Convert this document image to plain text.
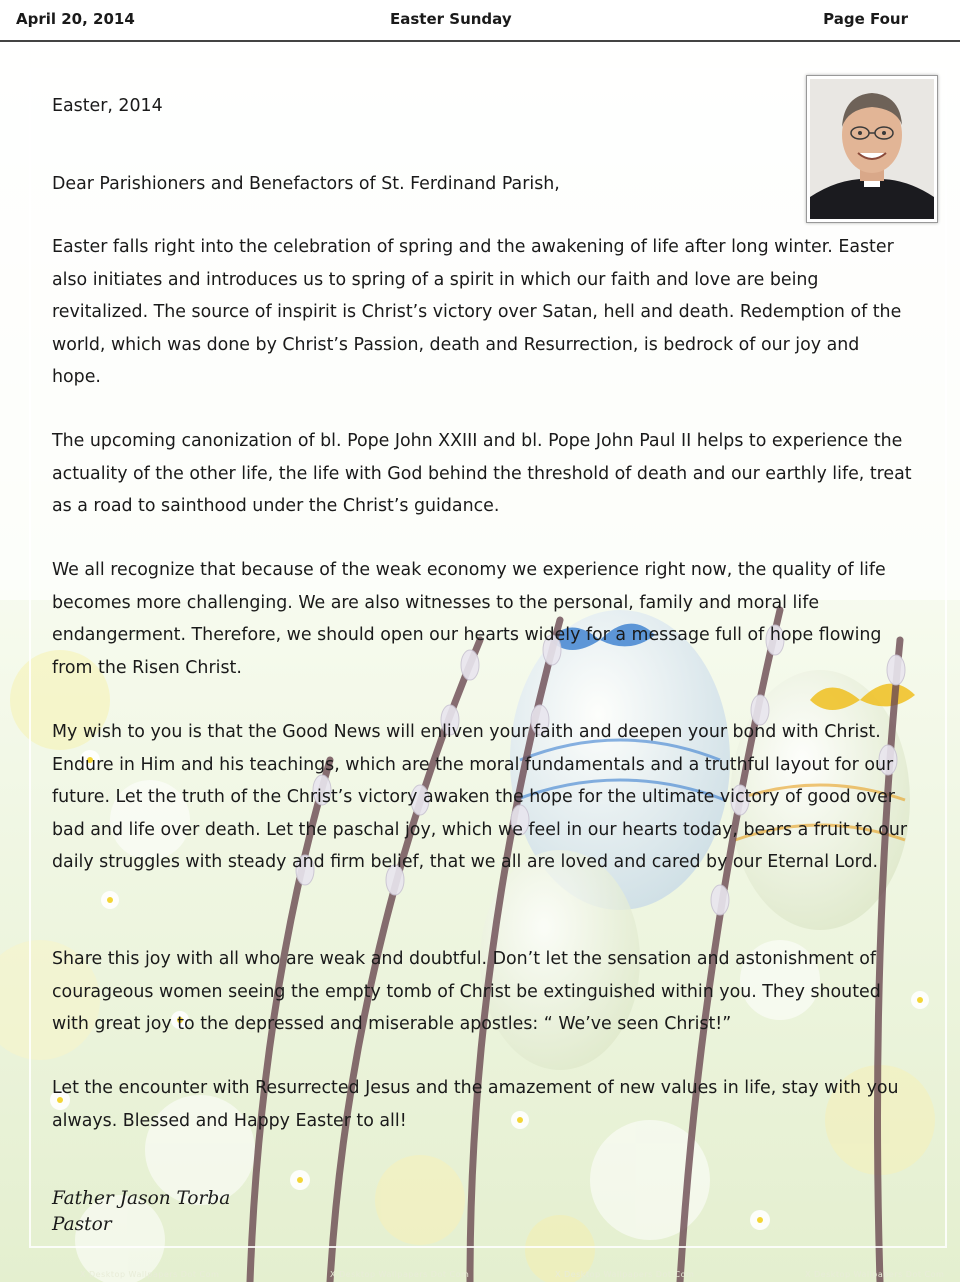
April 20, 2014	Easter Sunday	Page Four

Easter, 2014

Dear Parishioners and Benefactors of St. Ferdinand Parish,

Easter falls right into the celebration of spring and the awakening of life after long winter. Easter also initiates and introduces us to spring of a spirit in which our faith and love are being revitalized. The source of inspirit is Christ’s victory over Satan, hell and death. Redemption of the world, which was done by Christ’s Passion, death and Resurrection, is bedrock of our joy and hope.

The upcoming canonization of bl. Pope John XXIII and bl. Pope John Paul II helps to experience the actuality of the other life, the life with God behind the threshold of death and our earthly life, treat as a road to sainthood under the Christ’s guidance.

We all recognize that because of the weak economy we experience right now, the quality of life becomes more challenging. We are also witnesses to the personal, family and moral life endangerment. Therefore, we should open our hearts widely for a message full of hope flowing from the Risen Christ.

My wish to you is that the Good News will enliven your faith and deepen your bond with Christ. Endure in Him and his teachings, which are the moral fundamentals and a truthful layout for our future. Let the truth of the Christ’s victory awaken the hope for the ultimate victory of good over bad and life over death. Let the paschal joy, which we feel in our hearts today, bears a fruit to our daily struggles with steady and firm belief, that we all are loved and cared by our Eternal Lord.

Share this joy with all who are weak and doubtful. Don’t let the sensation and astonishment of courageous women seeing the empty tomb of Christ be extinguished within you. They shouted with great joy to the depressed and miserable apostles: “ We’ve seen Christ!”

Let the encounter with Resurrected Jesus and the amazement of new values in life, stay with you always. Blessed and Happy Easter to all!

Father Jason Torba
Pastor
X Desktop Wallpapers Dot Com	X Desktop Wallpapers Dot Com	X Desktop Wallpapers Dot Com	X Desktop Wallpapers Dot Com
